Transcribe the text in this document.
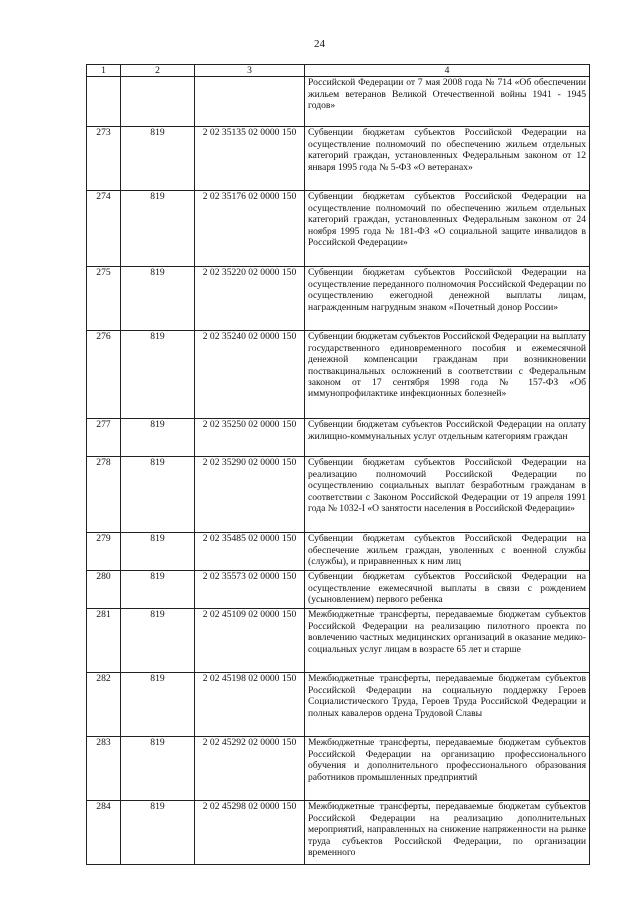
24
1	2	3	4
			Российской Федерации от 7 мая 2008 года № 714 «Об обеспечении жильем ветеранов Великой Отечественной войны 1941 - 1945 годов»
273	819	2 02 35135 02 0000 150	Субвенции бюджетам субъектов Российской Федерации на осуществление полномочий по обеспечению жильем отдельных категорий граждан, установленных Федеральным законом от 12 января 1995 года № 5-ФЗ «О ветеранах»
274	819	2 02 35176 02 0000 150	Субвенции бюджетам субъектов Российской Федерации на осуществление полномочий по обеспечению жильем отдельных категорий граждан, установленных Федеральным законом от 24 ноября 1995 года № 181-ФЗ «О социальной защите инвалидов в Российской Федерации»
275	819	2 02 35220 02 0000 150	Субвенции бюджетам субъектов Российской Федерации на осуществление переданного полномочия Российской Федерации по осуществлению ежегодной денежной выплаты лицам, награжденным нагрудным знаком «Почетный донор России»
276	819	2 02 35240 02 0000 150	Субвенции бюджетам субъектов Российской Федерации на выплату государственного единовременного пособия и ежемесячной денежной компенсации гражданам при возникновении поствакцинальных осложнений в соответствии с Федеральным законом от 17 сентября 1998 года № 157-ФЗ «Об иммунопрофилактике инфекционных болезней»
277	819	2 02 35250 02 0000 150	Субвенции бюджетам субъектов Российской Федерации на оплату жилищно-коммунальных услуг отдельным категориям граждан
278	819	2 02 35290 02 0000 150	Субвенции бюджетам субъектов Российской Федерации на реализацию полномочий Российской Федерации по осуществлению социальных выплат безработным гражданам в соответствии с Законом Российской Федерации от 19 апреля 1991 года № 1032-I «О занятости населения в Российской Федерации»
279	819	2 02 35485 02 0000 150	Субвенции бюджетам субъектов Российской Федерации на обеспечение жильем граждан, уволенных с военной службы (службы), и приравненных к ним лиц
280	819	2 02 35573 02 0000 150	Субвенции бюджетам субъектов Российской Федерации на осуществление ежемесячной выплаты в связи с рождением (усыновлением) первого ребенка
281	819	2 02 45109 02 0000 150	Межбюджетные трансферты, передаваемые бюджетам субъектов Российской Федерации на реализацию пилотного проекта по вовлечению частных медицинских организаций в оказание медико-социальных услуг лицам в возрасте 65 лет и старше
282	819	2 02 45198 02 0000 150	Межбюджетные трансферты, передаваемые бюджетам субъектов Российской Федерации на социальную поддержку Героев Социалистического Труда, Героев Труда Российской Федерации и полных кавалеров ордена Трудовой Славы
283	819	2 02 45292 02 0000 150	Межбюджетные трансферты, передаваемые бюджетам субъектов Российской Федерации на организацию профессионального обучения и дополнительного профессионального образования работников промышленных предприятий
284	819	2 02 45298 02 0000 150	Межбюджетные трансферты, передаваемые бюджетам субъектов Российской Федерации на реализацию дополнительных мероприятий, направленных на снижение напряженности на рынке труда субъектов Российской Федерации, по организации временного
